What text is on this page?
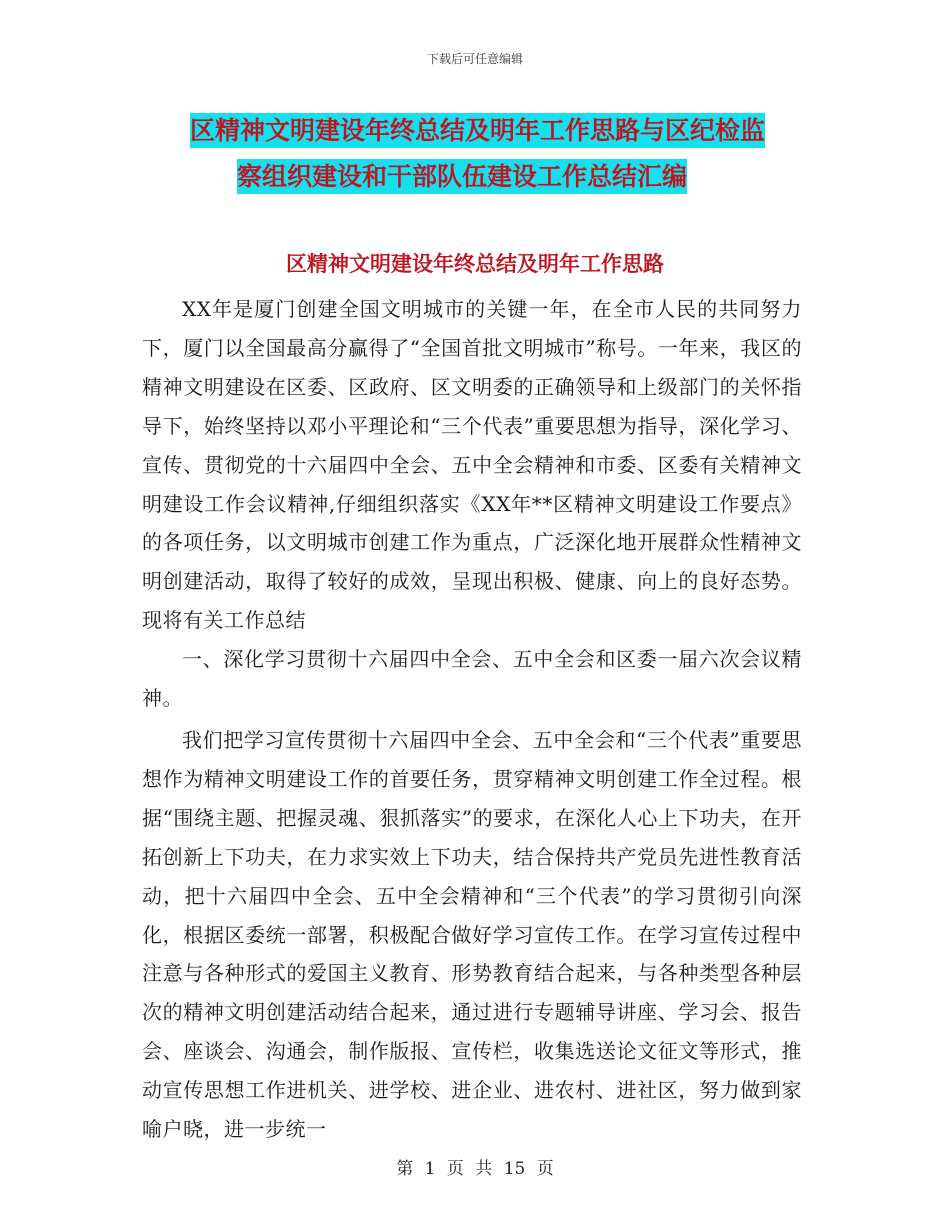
下载后可任意编辑
区精神文明建设年终总结及明年工作思路与区纪检监
察组织建设和干部队伍建设工作总结汇编
区精神文明建设年终总结及明年工作思路

XX年是厦门创建全国文明城市的关键一年，在全市人民的共同努力下，厦门以全国最高分赢得了“全国首批文明城市”称号。一年来，我区的精神文明建设在区委、区政府、区文明委的正确领导和上级部门的关怀指导下，始终坚持以邓小平理论和“三个代表”重要思想为指导，深化学习、宣传、贯彻党的十六届四中全会、五中全会精神和市委、区委有关精神文明建设工作会议精神,仔细组织落实《XX年**区精神文明建设工作要点》的各项任务，以文明城市创建工作为重点，广泛深化地开展群众性精神文明创建活动，取得了较好的成效，呈现出积极、健康、向上的良好态势。现将有关工作总结

一、深化学习贯彻十六届四中全会、五中全会和区委一届六次会议精神。

我们把学习宣传贯彻十六届四中全会、五中全会和“三个代表”重要思想作为精神文明建设工作的首要任务，贯穿精神文明创建工作全过程。根据“围绕主题、把握灵魂、狠抓落实”的要求，在深化人心上下功夫，在开拓创新上下功夫，在力求实效上下功夫，结合保持共产党员先进性教育活动，把十六届四中全会、五中全会精神和“三个代表”的学习贯彻引向深化，根据区委统一部署，积极配合做好学习宣传工作。在学习宣传过程中注意与各种形式的爱国主义教育、形势教育结合起来，与各种类型各种层次的精神文明创建活动结合起来，通过进行专题辅导讲座、学习会、报告会、座谈会、沟通会，制作版报、宣传栏，收集选送论文征文等形式，推动宣传思想工作进机关、进学校、进企业、进农村、进社区，努力做到家喻户晓，进一步统一

第 1 页 共 15 页
